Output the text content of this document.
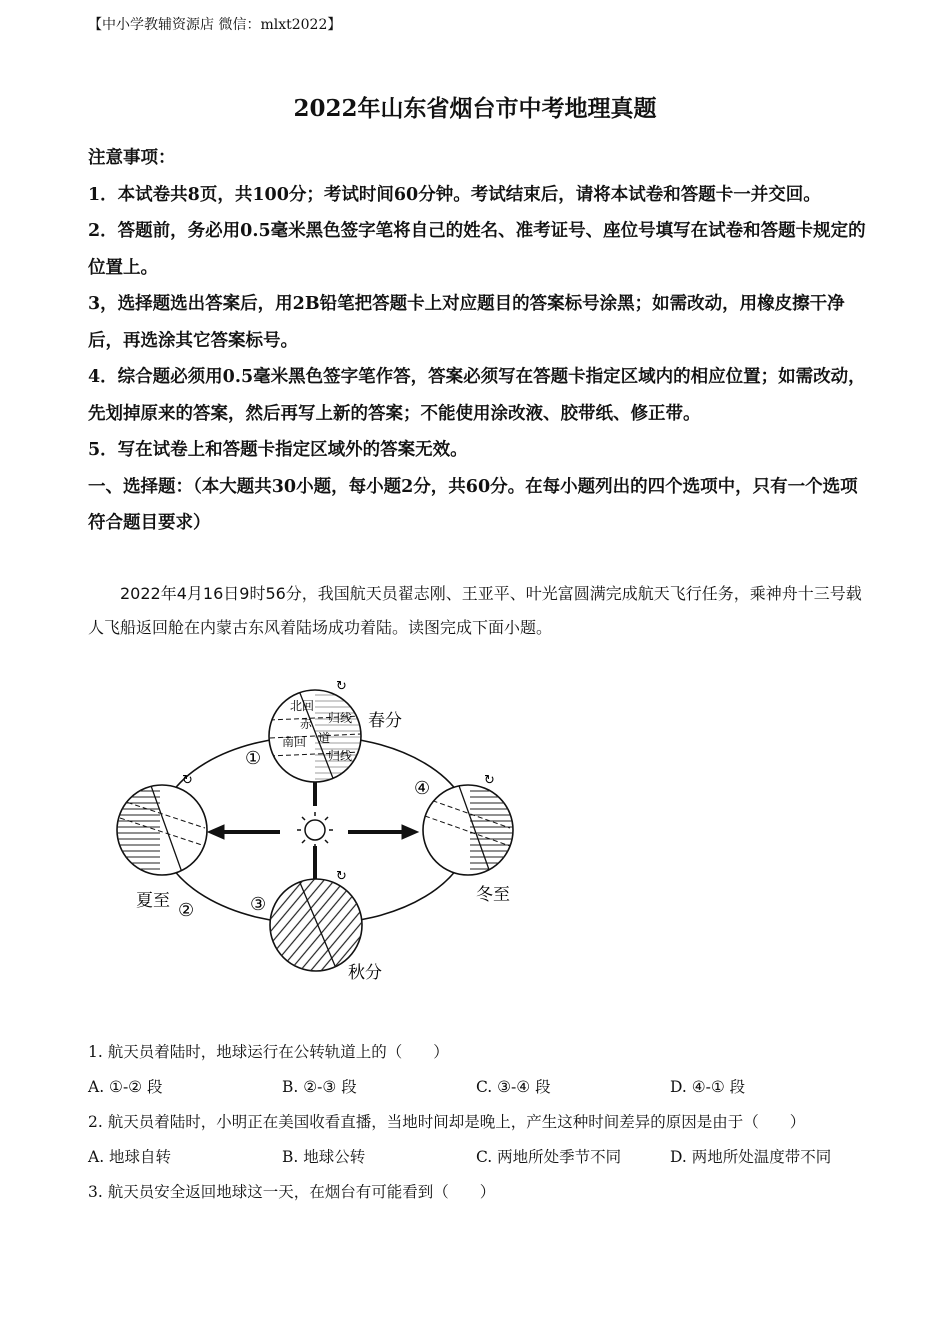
【中小学教辅资源店 微信：mlxt2022】
2022年山东省烟台市中考地理真题

注意事项：

1．本试卷共8页，共100分；考试时间60分钟。考试结束后，请将本试卷和答题卡一并交回。

2．答题前，务必用0.5毫米黑色签字笔将自己的姓名、准考证号、座位号填写在试卷和答题卡规定的位置上。

3，选择题选出答案后，用2B铅笔把答题卡上对应题目的答案标号涂黑；如需改动，用橡皮擦干净后，再选涂其它答案标号。

4．综合题必须用0.5毫米黑色签字笔作答，答案必须写在答题卡指定区域内的相应位置；如需改动，先划掉原来的答案，然后再写上新的答案；不能使用涂改液、胶带纸、修正带。

5．写在试卷上和答题卡指定区域外的答案无效。

一、选择题：（本大题共30小题，每小题2分，共60分。在每小题列出的四个选项中，只有一个选项符合题目要求）

2022年4月16日9时56分，我国航天员翟志刚、王亚平、叶光富圆满完成航天飞行任务，乘神舟十三号载人飞船返回舱在内蒙古东风着陆场成功着陆。读图完成下面小题。

↻
北回
归线
赤
道
南回
归线
春分
↻
夏至 ②
↻
冬至
④
↻
秋分
③
①
1. 航天员着陆时，地球运行在公转轨道上的（　　）
A. ①-② 段	B. ②-③ 段	C. ③-④ 段	D. ④-① 段
2. 航天员着陆时，小明正在美国收看直播，当地时间却是晚上，产生这种时间差异的原因是由于（　　）
A. 地球自转	B. 地球公转	C. 两地所处季节不同	D. 两地所处温度带不同
3. 航天员安全返回地球这一天，在烟台有可能看到（　　）
